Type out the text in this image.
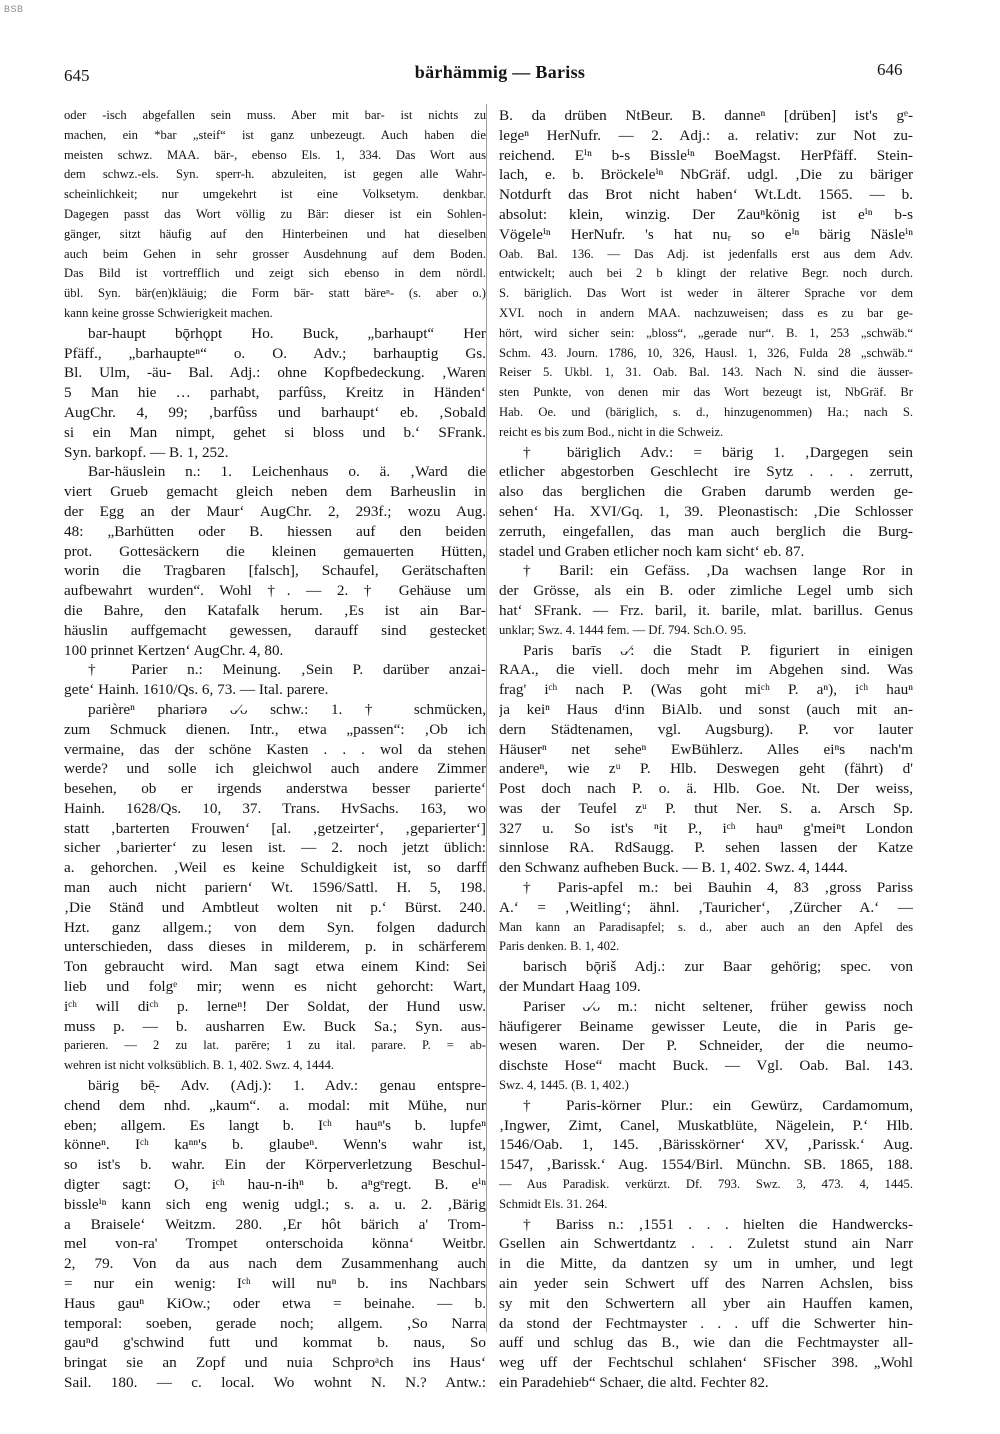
BSB
645	bärhämmig — Bariss	646
oder -isch abgefallen sein muss. Aber mit bar- ist nichts zu
machen, ein *bar „steif“ ist ganz unbezeugt. Auch haben die
meisten schwz. MAA. bär-, ebenso Els. 1, 334. Das Wort aus
dem schwz.-els. Syn. sperr-h. abzuleiten, ist gegen alle Wahr-
scheinlichkeit; nur umgekehrt ist eine Volksetym. denkbar.
Dagegen passt das Wort völlig zu Bär: dieser ist ein Sohlen-
gänger, sitzt häufig auf den Hinterbeinen und hat dieselben
auch beim Gehen in sehr grosser Ausdehnung auf dem Boden.
Das Bild ist vortrefflich und zeigt sich ebenso in dem nördl.
übl. Syn. bär(en)kläuig; die Form bär- statt bäreⁿ- (s. aber o.)
kann keine grosse Schwierigkeit machen.
bar-haupt bǭrhǫpt Ho. Buck, „barhaupt“ Her
Pfäff., „barhaupteⁿ“ o. O. Adv.; barhauptig Gs.
Bl. Ulm, -äu- Bal. Adj.: ohne Kopfbedeckung. ‚Waren
5 Man hie … parhabt, parfûss, Kreitz in Händen‘
AugChr. 4, 99; ‚barfûss und barhaupt‘ eb. ‚Sobald
si ein Man nimpt, gehet si bloss und b.‘ SFrank.
Syn. barkopf. — B. 1, 252.
Bar-häuslein n.: 1. Leichenhaus o. ä. ‚Ward die
viert Grueb gemacht gleich neben dem Barheuslin in
der Egg an der Maur‘ AugChr. 2, 293f.; wozu Aug.
48: „Barhütten oder B. hiessen auf den beiden
prot. Gottesäckern die kleinen gemauerten Hütten,
worin die Tragbaren [falsch], Schaufel, Gerätschaften
aufbewahrt wurden“. Wohl †. — 2. † Gehäuse um
die Bahre, den Katafalk herum. ‚Es ist ain Bar-
häuslin auffgemacht gewessen, darauff sind gestecket
100 prinnet Kertzen‘ AugChr. 4, 80.
† Parier n.: Meinung. ‚Sein P. darüber anzai-
gete‘ Hainh. 1610/Qs. 6, 73. — Ital. parere.
parièreⁿ phariərə ᴗ⁄ᴗ schw.: 1. † schmücken,
zum Schmuck dienen. Intr., etwa „passen“: ‚Ob ich
vermaine, das der schöne Kasten . . . wol da stehen
werde? und solle ich gleichwol auch andere Zimmer
besehen, ob er irgends anderstwa besser parierte‘
Hainh. 1628/Qs. 10, 37. Trans. HvSachs. 163, wo
statt ‚barterten Frouwen‘ [al. ‚getzeirter‘, ‚geparierter‘]
sicher ‚barierter‘ zu lesen ist. — 2. noch jetzt üblich:
a. gehorchen. ‚Weil es keine Schuldigkeit ist, so darff
man auch nicht pariern‘ Wt. 1596/Sattl. H. 5, 198.
‚Die Stänḋ und Ambtleut wolten nit p.‘ Bürst. 240.
Hzt. ganz allgem.; von dem Syn. folgen dadurch
unterschieden, dass dieses in milderem, p. in schärferem
Ton gebraucht wird. Man sagt etwa einem Kind: Sei
lieb und folgᵉ mir; wenn es nicht gehorcht: Wart,
iᶜʰ will diᶜʰ p. lerneⁿ! Der Soldat, der Hund usw.
muss p. — b. ausharren Ew. Buck Sa.; Syn. aus-
parieren. — 2 zu lat. parēre; 1 zu ital. parare. P. = ab-
wehren ist nicht volksüblich. B. 1, 402. Swz. 4, 1444.
bärig bē̜- Adv. (Adj.): 1. Adv.: genau entspre-
chend dem nhd. „kaum“. a. modal: mit Mühe, nur
eben; allgem. Es langt b. Iᶜʰ hauⁿ's b. lupfeⁿ
könneⁿ. Iᶜʰ kaⁿⁿ's b. glaubeⁿ. Wenn's wahr ist,
so ist's b. wahr. Ein der Körperverletzung Beschul-
digter sagt: O, iᶜʰ hau-n-ihⁿ b. aⁿgᵉregt. B. eⁱⁿ
bissleⁱⁿ kann sich eng wenig udgl.; s. a. u. 2. ‚Bärig
a Braisele‘ Weitzm. 280. ‚Er hôt bärich a' Trom-
mel von-ra' Trompet onterschoida könna‘ Weitbr.
2, 79. Von da aus nach dem Zusammenhang auch
= nur ein wenig: Iᶜʰ will nuⁿ b. ins Nachbars
Haus gauⁿ KiOw.; oder etwa = beinahe. — b.
temporal: soeben, gerade noch; allgem. ‚So Narra
gauⁿd g'schwind futt und kommat b. naus, So
bringat sie an Zopf und nuia Schproᵃch ins Haus‘
Sail. 180. — c. local. Wo wohnt N. N.? Antw.:
B. da drüben NtBeur. B. danneⁿ [drüben] ist's gᵉ-
legeⁿ HerNufr. — 2. Adj.: a. relativ: zur Not zu-
reichend. Eⁱⁿ b-s Bissleⁱⁿ BoeMagst. HerPfäff. Stein-
lach, e. b. Bröckeleⁱⁿ NbGräf. udgl. ‚Die zu bäriger
Notdurft das Brot nicht haben‘ Wt.Ldt. 1565. — b.
absolut: klein, winzig. Der Zauⁿkönig ist eⁱⁿ b-s
Vögeleⁱⁿ HerNufr. 's hat nuᵣ so eⁱⁿ bärig Näsleⁱⁿ
Oab. Bal. 136. — Das Adj. ist jedenfalls erst aus dem Adv.
entwickelt; auch bei 2 b klingt der relative Begr. noch durch.
S. bäriglich. Das Wort ist weder in älterer Sprache vor dem
XVI. noch in andern MAA. nachzuweisen; dass es zu bar ge-
hört, wird sicher sein: „bloss“, „gerade nur“. B. 1, 253 „schwäb.“
Schm. 43. Journ. 1786, 10, 326, Hausl. 1, 326, Fulda 28 „schwäb.“
Reiser 5. Ukbl. 1, 31. Oab. Bal. 143. Nach N. sind die äusser-
sten Punkte, von denen mir das Wort bezeugt ist, NbGräf. Br
Hab. Oe. und (bäriglich, s. d., hinzugenommen) Ha.; nach S.
reicht es bis zum Bod., nicht in die Schweiz.
† bäriglich Adv.: = bärig 1. ‚Dargegen sein
etlicher abgestorben Geschlecht ire Sytz . . . zerrutt,
also das berglichen die Graben darumb werden ge-
sehen‘ Ha. XVI/Gq. 1, 39. Pleonastisch: ‚Die Schlosser
zerruth, eingefallen, das man auch berglich die Burg-
stadel und Graben etlicher noch kam sicht‘ eb. 87.
† Baril: ein Gefäss. ‚Da wachsen lange Ror in
der Grösse, als ein B. oder zimliche Legel umb sich
hat‘ SFrank. — Frz. baril, it. barile, mlat. barillus. Genus
unklar; Swz. 4. 1444 fem. — Df. 794. Sch.O. 95.
Paris barīs ᴗ⁄: die Stadt P. figuriert in einigen
RAA., die viell. doch mehr im Abgehen sind. Was
frag' iᶜʰ nach P. (Was goht miᶜʰ P. aⁿ), iᶜʰ hauⁿ
ja keiⁿ Haus dʳinn BiAlb. und sonst (auch mit an-
dern Städtenamen, vgl. Augsburg). P. vor lauter
Häuserⁿ net seheⁿ EwBühlerz. Alles eiⁿs nach'm
andereⁿ, wie zᵘ P. Hlb. Deswegen geht (fährt) d'
Post doch nach P. o. ä. Hlb. Goe. Nt. Der weiss,
was der Teufel zᵘ P. thut Ner. S. a. Arsch Sp.
327 u. So ist's ⁿit P., iᶜʰ hauⁿ g'meiⁿt London
sinnlose RA. RdSaugg. P. sehen lassen der Katze
den Schwanz aufheben Buck. — B. 1, 402. Swz. 4, 1444.
† Paris-apfel m.: bei Bauhin 4, 83 ‚gross Pariss
A.‘ = ‚Weitling‘; ähnl. ‚Tauricher‘, ‚Zürcher A.‘ —
Man kann an Paradisapfel; s. d., aber auch an den Apfel des
Paris denken. B. 1, 402.
barisch bǭriš Adj.: zur Baar gehörig; spec. von
der Mundart Haag 109.
Pariser ᴗ⁄ᴗ m.: nicht seltener, früher gewiss noch
häufigerer Beiname gewisser Leute, die in Paris ge-
wesen waren. Der P. Schneider, der die neumo-
dischste Hose“ macht Buck. — Vgl. Oab. Bal. 143.
Swz. 4, 1445. (B. 1, 402.)
† Paris-körner Plur.: ein Gewürz, Cardamomum,
‚Ingwer, Zimt, Canel, Muskatblüte, Nägelein, P.‘ Hlb.
1546/Oab. 1, 145. ‚Bärisskörner‘ XV, ‚Parissk.‘ Aug.
1547, ‚Barissk.‘ Aug. 1554/Birl. Münchn. SB. 1865, 188.
— Aus Paradisk. verkürzt. Df. 793. Swz. 3, 473. 4, 1445.
Schmidt Els. 31. 264.
† Bariss n.: ‚1551 . . . hielten die Handwercks-
Gsellen ain Schwertdantz . . . Zuletst stund ain Narr
in die Mitte, da dantzen sy um in umher, und legt
ain yeder sein Schwert uff des Narren Achslen, biss
sy mit den Schwertern all yber ain Hauffen kamen,
da stond der Fechtmayster . . . uff die Schwerter hin-
auff und schlug das B., wie dan die Fechtmayster all-
weg uff der Fechtschul schlahen‘ SFischer 398. „Wohl
ein Paradehieb“ Schaer, die altd. Fechter 82.
